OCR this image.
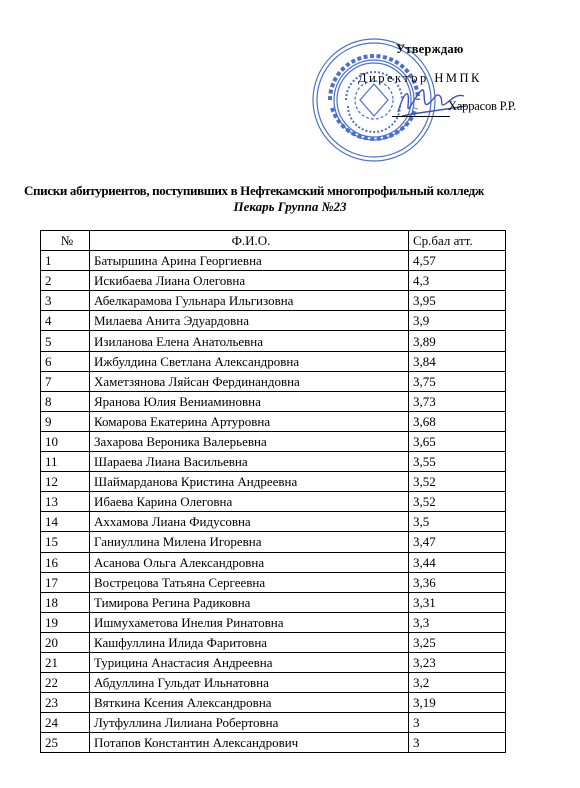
Утверждаю
Директор НМПК
Харрасов Р.Р.
Списки абитуриентов, поступивших в Нефтекамский многопрофильный колледж
Пекарь Группа №23
№	Ф.И.О.	Ср.бал атт.
1	Батыршина Арина Георгиевна	4,57
2	Искибаева Лиана Олеговна	4,3
3	Абелкарамова Гульнара Ильгизовна	3,95
4	Милаева Анита Эдуардовна	3,9
5	Изиланова Елена Анатольевна	3,89
6	Ижбулдина Светлана Александровна	3,84
7	Хаметзянова Ляйсан Фердинандовна	3,75
8	Яранова Юлия Вениаминовна	3,73
9	Комарова Екатерина Артуровна	3,68
10	Захарова Вероника Валерьевна	3,65
11	Шараева Лиана Васильевна	3,55
12	Шаймарданова Кристина Андреевна	3,52
13	Ибаева Карина Олеговна	3,52
14	Аххамова Лиана Фидусовна	3,5
15	Ганиуллина Милена Игоревна	3,47
16	Асанова Ольга Александровна	3,44
17	Вострецова Татьяна Сергеевна	3,36
18	Тимирова Регина Радиковна	3,31
19	Ишмухаметова Инелия Ринатовна	3,3
20	Кашфуллина Илида Фаритовна	3,25
21	Турицина Анастасия Андреевна	3,23
22	Абдуллина Гульдат Ильнатовна	3,2
23	Вяткина Ксения Александровна	3,19
24	Лутфуллина Лилиана Робертовна	3
25	Потапов Константин Александрович	3
